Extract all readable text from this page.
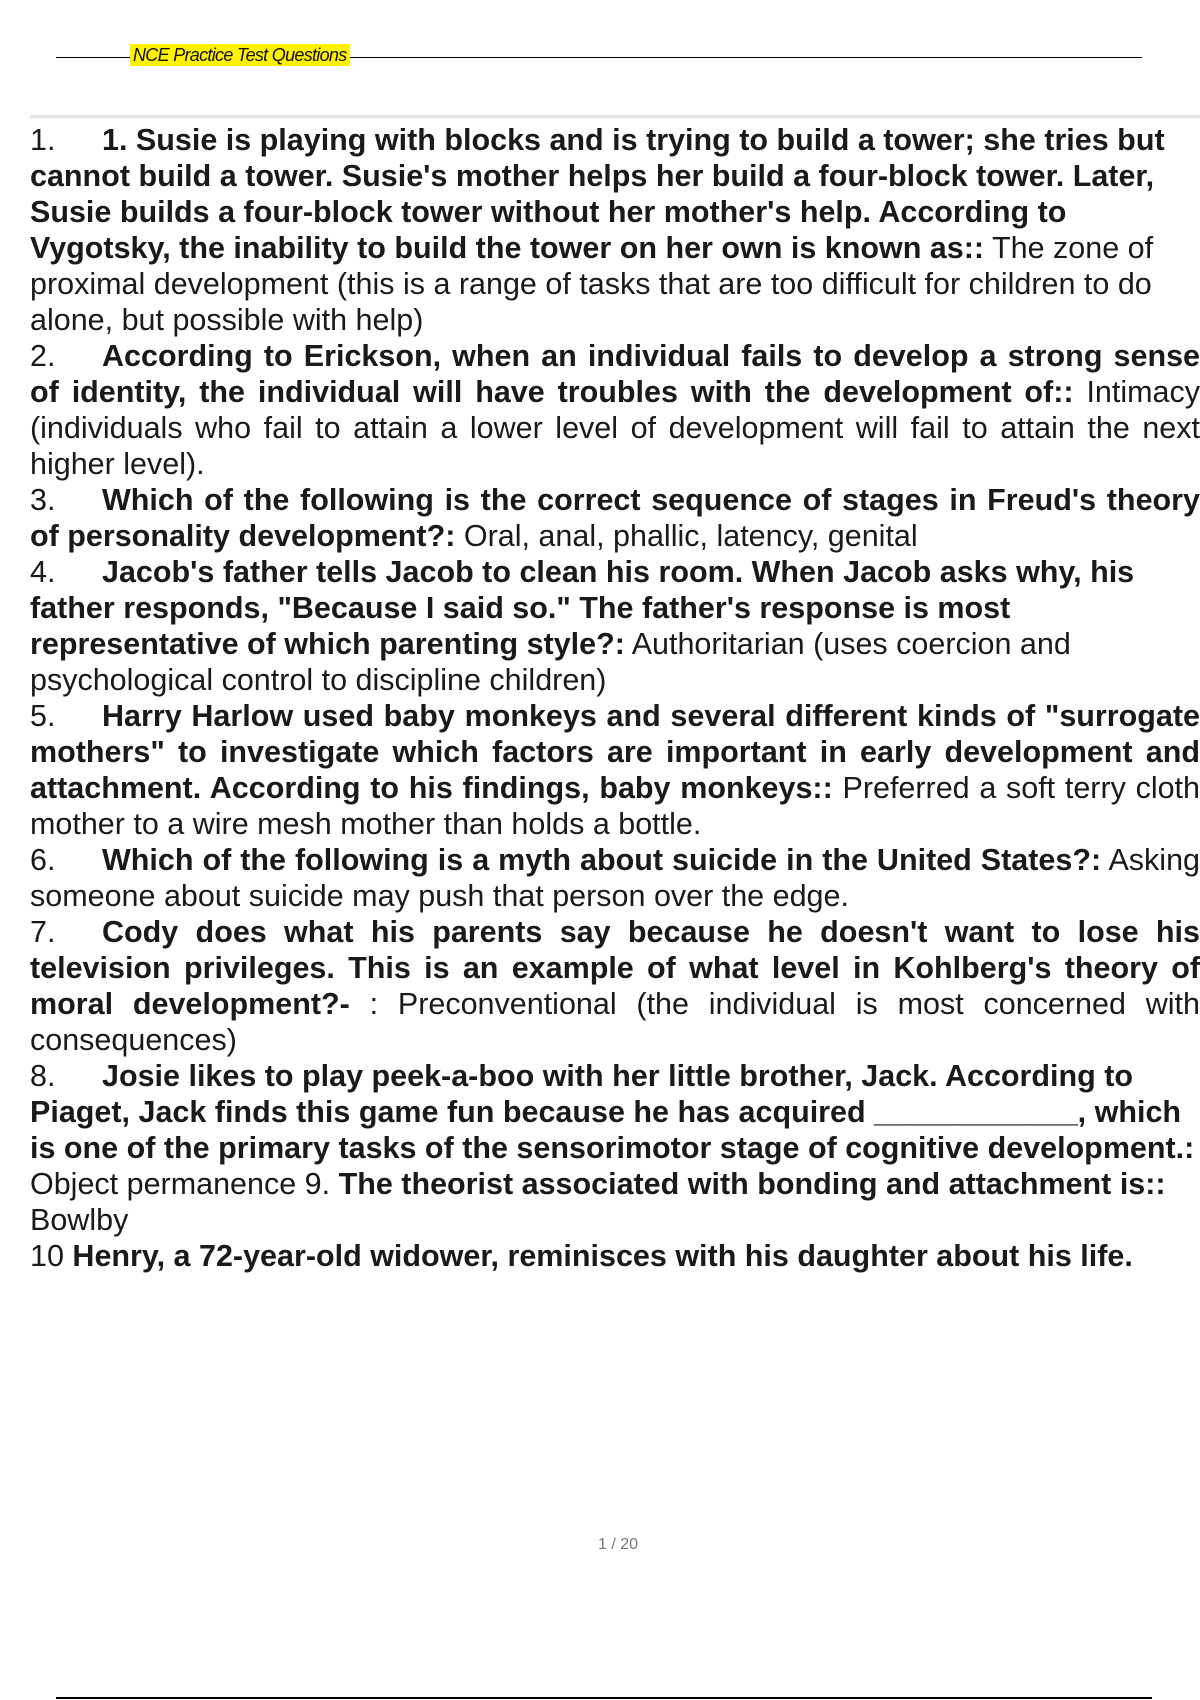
NCE Practice Test Questions

1. 1. Susie is playing with blocks and is trying to build a tower; she tries but cannot build a tower. Susie's mother helps her build a four-block tower. Later, Susie builds a four-block tower without her mother's help. According to Vygotsky, the inability to build the tower on her own is known as:: The zone of proximal development (this is a range of tasks that are too difficult for children to do alone, but possible with help)

2. According to Erickson, when an individual fails to develop a strong sense of identity, the individual will have troubles with the development of:: Intimacy (individuals who fail to attain a lower level of development will fail to attain the next higher level).

3. Which of the following is the correct sequence of stages in Freud's theory of personality development?: Oral, anal, phallic, latency, genital

4. Jacob's father tells Jacob to clean his room. When Jacob asks why, his father responds, "Because I said so." The father's response is most representative of which parenting style?: Authoritarian (uses coercion and psychological control to discipline children)

5. Harry Harlow used baby monkeys and several different kinds of "surrogate mothers" to investigate which factors are important in early development and attachment. According to his findings, baby monkeys:: Preferred a soft terry cloth mother to a wire mesh mother than holds a bottle.

6. Which of the following is a myth about suicide in the United States?: Asking someone about suicide may push that person over the edge.

7. Cody does what his parents say because he doesn't want to lose his television privileges. This is an example of what level in Kohlberg's theory of moral development?- : Preconventional (the individual is most concerned with consequences)

8. Josie likes to play peek-a-boo with her little brother, Jack. According to Piaget, Jack finds this game fun because he has acquired ____________, which is one of the primary tasks of the sensorimotor stage of cognitive development.: Object permanence 9. The theorist associated with bonding and attachment is:: Bowlby

10 Henry, a 72-year-old widower, reminisces with his daughter about his life.

1 / 20
